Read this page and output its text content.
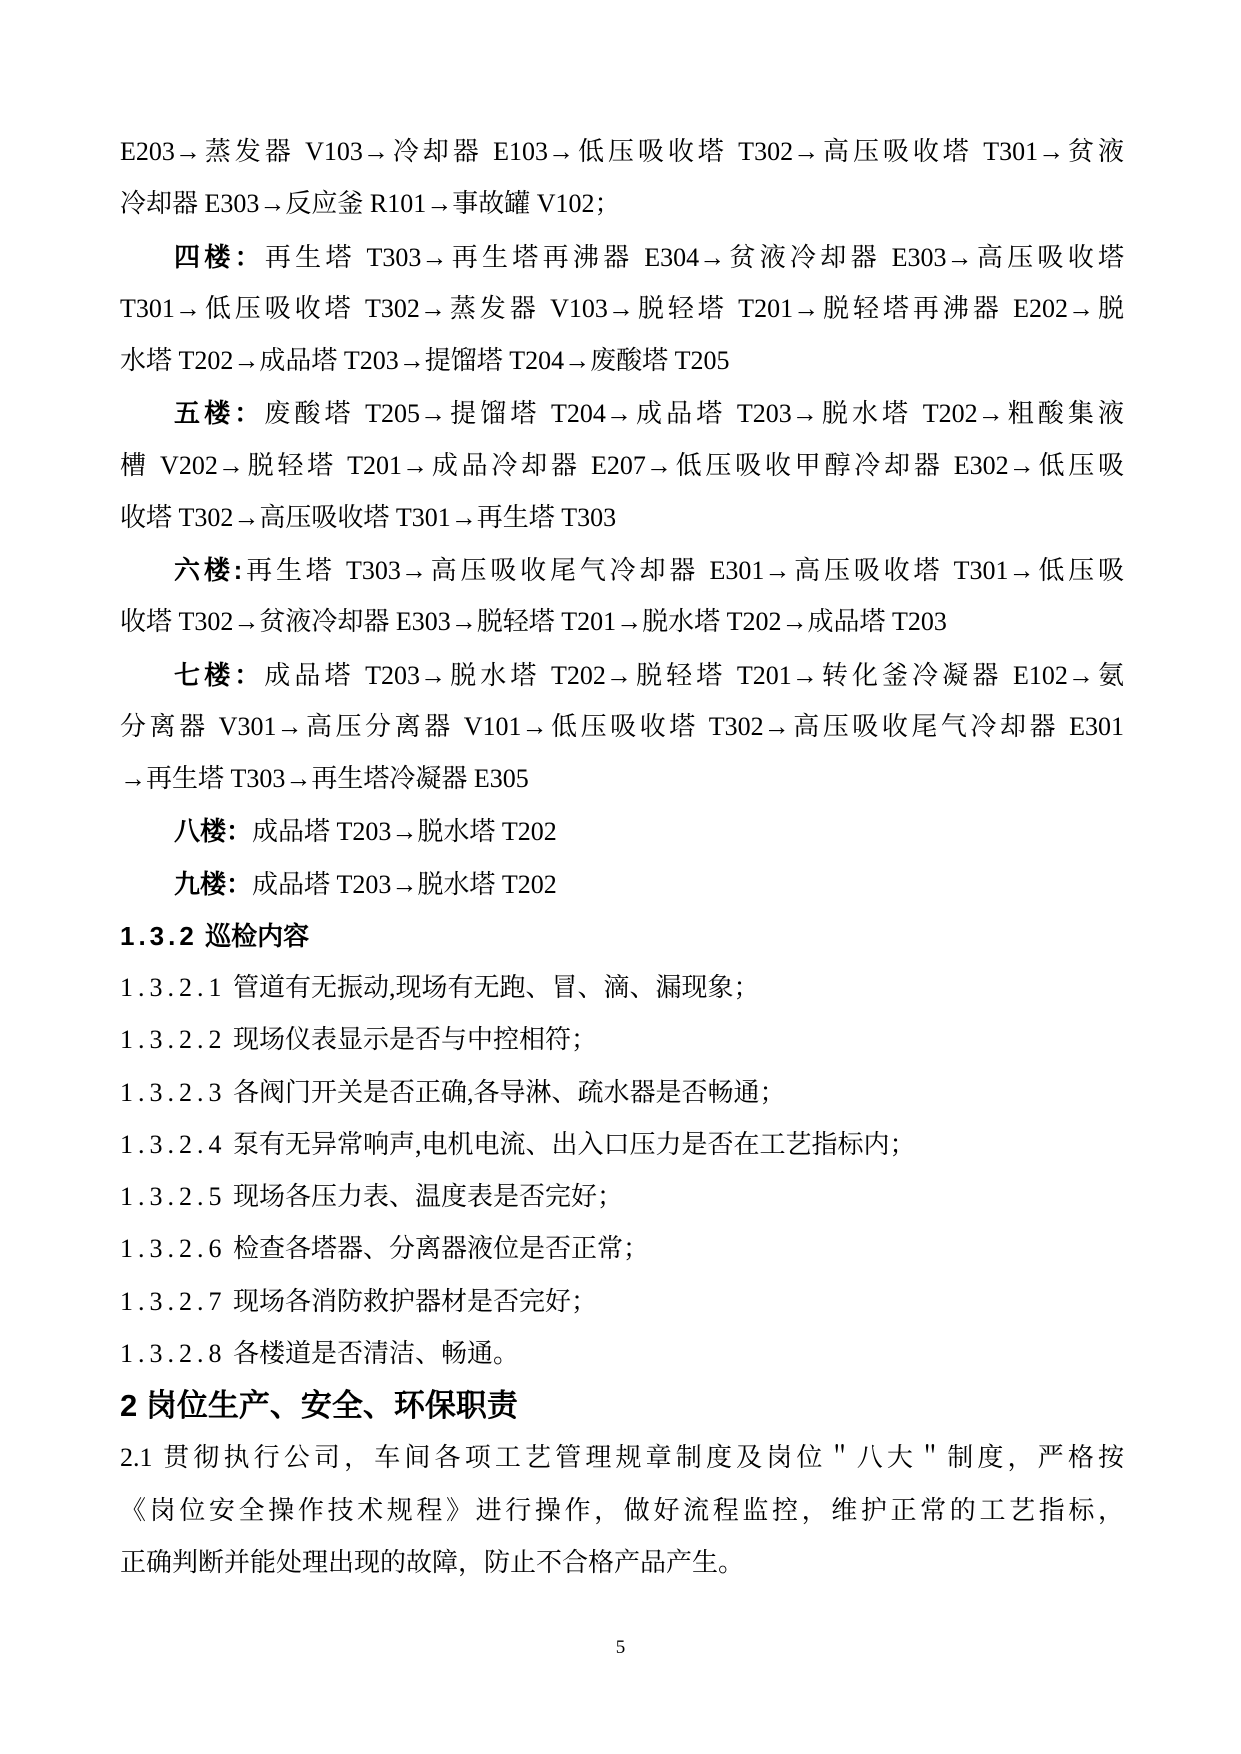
E203→蒸发器 V103→冷却器 E103→低压吸收塔 T302→高压吸收塔 T301→贫液
冷却器 E303→反应釜 R101→事故罐 V102；
四楼：再生塔 T303→再生塔再沸器 E304→贫液冷却器 E303→高压吸收塔
T301→低压吸收塔 T302→蒸发器 V103→脱轻塔 T201→脱轻塔再沸器 E202→脱
水塔 T202→成品塔 T203→提馏塔 T204→废酸塔 T205
五楼：废酸塔 T205→提馏塔 T204→成品塔 T203→脱水塔 T202→粗酸集液
槽 V202→脱轻塔 T201→成品冷却器 E207→低压吸收甲醇冷却器 E302→低压吸
收塔 T302→高压吸收塔 T301→再生塔 T303
六楼:再生塔 T303→高压吸收尾气冷却器 E301→高压吸收塔 T301→低压吸
收塔 T302→贫液冷却器 E303→脱轻塔 T201→脱水塔 T202→成品塔 T203
七楼：成品塔 T203→脱水塔 T202→脱轻塔 T201→转化釜冷凝器 E102→氨
分离器 V301→高压分离器 V101→低压吸收塔 T302→高压吸收尾气冷却器 E301
→再生塔 T303→再生塔冷凝器 E305
八楼：成品塔 T203→脱水塔 T202
九楼：成品塔 T203→脱水塔 T202
1.3.2 巡检内容
1.3.2.1 管道有无振动,现场有无跑、冒、滴、漏现象；
1.3.2.2 现场仪表显示是否与中控相符；
1.3.2.3 各阀门开关是否正确,各导淋、疏水器是否畅通；
1.3.2.4 泵有无异常响声,电机电流、出入口压力是否在工艺指标内；
1.3.2.5 现场各压力表、温度表是否完好；
1.3.2.6 检查各塔器、分离器液位是否正常；
1.3.2.7 现场各消防救护器材是否完好；
1.3.2.8 各楼道是否清洁、畅通。
2 岗位生产、安全、环保职责
2.1 贯彻执行公司，车间各项工艺管理规章制度及岗位＂八大＂制度，严格按
《岗位安全操作技术规程》进行操作，做好流程监控，维护正常的工艺指标，
正确判断并能处理出现的故障，防止不合格产品产生。
5
